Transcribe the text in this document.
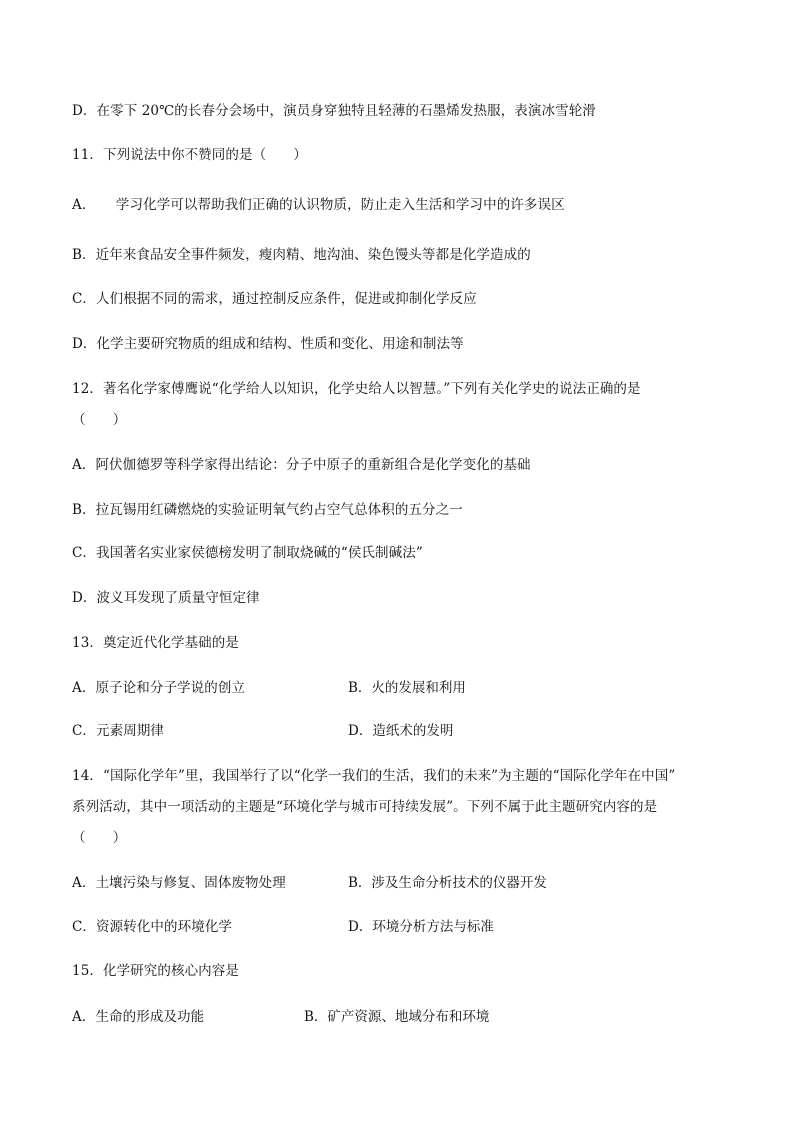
D．在零下 20℃的长春分会场中，演员身穿独特且轻薄的石墨烯发热服，表演冰雪轮滑
11．下列说法中你不赞同的是（　　）
A．　　学习化学可以帮助我们正确的认识物质，防止走入生活和学习中的许多误区
B．近年来食品安全事件频发，瘦肉精、地沟油、染色馒头等都是化学造成的
C．人们根据不同的需求，通过控制反应条件，促进或抑制化学反应
D．化学主要研究物质的组成和结构、性质和变化、用途和制法等
12．著名化学家傅鹰说“化学给人以知识，化学史给人以智慧。”下列有关化学史的说法正确的是
（　　）
A．阿伏伽德罗等科学家得出结论：分子中原子的重新组合是化学变化的基础
B．拉瓦锡用红磷燃烧的实验证明氧气约占空气总体积的五分之一
C．我国著名实业家侯德榜发明了制取烧碱的“侯氏制碱法”
D．波义耳发现了质量守恒定律
13．奠定近代化学基础的是
A．原子论和分子学说的创立	B．火的发展和利用
C．元素周期律	D．造纸术的发明
14．“国际化学年”里，我国举行了以“化学一我们的生活，我们的未来”为主题的“国际化学年在中国”
系列活动，其中一项活动的主题是“环境化学与城市可持续发展”。下列不属于此主题研究内容的是
（　　）
A．土壤污染与修复、固体废物处理	B．涉及生命分析技术的仪器开发
C．资源转化中的环境化学	D．环境分析方法与标准
15．化学研究的核心内容是
A．生命的形成及功能	B．矿产资源、地域分布和环境
